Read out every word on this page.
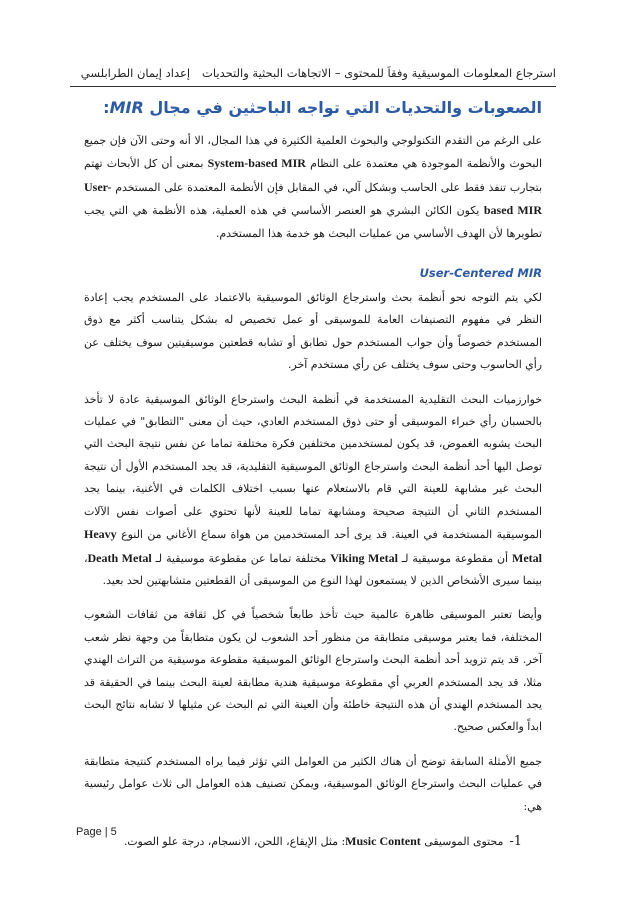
استرجاع المعلومات الموسيقية وفقاً للمحتوى – الاتجاهات البحثية والتحدياتإعداد إيمان الطرابلسي
الصعوبات والتحديات التي تواجه الباحثين في مجال MIR:

على الرغم من التقدم التكنولوجي والبحوث العلمية الكثيرة في هذا المجال، الا أنه وحتى الآن فإن جميع البحوث والأنظمة الموجودة هي معتمدة على النظام System-based MIR بمعنى أن كل الأبحاث تهتم بتجارب تنفذ فقط على الحاسب وبشكل آلي، في المقابل فإن الأنظمة المعتمدة على المستخدم User-based MIR يكون الكائن البشري هو العنصر الأساسي في هذه العملية، هذه الأنظمة هي التي يجب تطويرها لأن الهدف الأساسي من عمليات البحث هو خدمة هذا المستخدم.

User-Centered MIR

لكي يتم التوجه نحو أنظمة بحث واسترجاع الوثائق الموسيقية بالاعتماد على المستخدم يجب إعادة النظر في مفهوم التصنيفات العامة للموسيقى أو عمل تخصيص له بشكل يتناسب أكثر مع ذوق المستخدم خصوصاً وأن جواب المستخدم حول تطابق أو تشابه قطعتين موسيقيتين سوف يختلف عن رأي الحاسوب وحتى سوف يختلف عن رأي مستخدم آخر.

خوارزميات البحث التقليدية المستخدمة في أنظمة البحث واسترجاع الوثائق الموسيقية عادة لا تأخذ بالحسبان رأي خبراء الموسيقى أو حتى ذوق المستخدم العادي، حيث أن معنى "التطابق" في عمليات البحث يشوبه الغموض، قد يكون لمستخدمين مختلفين فكرة مختلفة تماما عن نفس نتيجة البحث التي توصل اليها أحد أنظمة البحث واسترجاع الوثائق الموسيقية التقليدية، قد يجد المستخدم الأول أن نتيجة البحث غير مشابهة للعينة التي قام بالاستعلام عنها بسبب اختلاف الكلمات في الأغنية، بينما يجد المستخدم الثاني أن النتيجة صحيحة ومشابهة تماما للعينة لأنها تحتوي على أصوات نفس الآلات الموسيقية المستخدمة في العينة. قد يرى أحد المستخدمين من هواة سماع الأغاني من النوع Heavy Metal أن مقطوعة موسيقية لـ Viking Metal مختلفة تماما عن مقطوعة موسيقية لـ Death Metal، بينما سيرى الأشخاص الذين لا يستمعون لهذا النوع من الموسيقى أن القطعتين متشابهتين لحد بعيد.

وأيضا تعتبر الموسيقى ظاهرة عالمية حيث تأخذ طابعاً شخصياً في كل ثقافة من ثقافات الشعوب المختلفة، فما يعتبر موسيقى متطابقة من منظور أحد الشعوب لن يكون متطابقاً من وجهة نظر شعب آخر. قد يتم تزويد أحد أنظمة البحث واسترجاع الوثائق الموسيقية مقطوعة موسيقية من التراث الهندي مثلا، قد يجد المستخدم العربي أي مقطوعة موسيقية هندية مطابقة لعينة البحث بينما في الحقيقة قد يجد المستخدم الهندي أن هذه النتيجة خاطئة وأن العينة التي تم البحث عن مثيلها لا تشابه نتائج البحث ابداً والعكس صحيح.

جميع الأمثلة السابقة توضح أن هناك الكثير من العوامل التي تؤثر فيما يراه المستخدم كنتيجة متطابقة في عمليات البحث واسترجاع الوثائق الموسيقية، ويمكن تصنيف هذه العوامل الى ثلاث عوامل رئيسية هي:

1-محتوى الموسيقى Music Content: مثل الإيقاع، اللحن، الانسجام، درجة علو الصوت.
Page | 5
